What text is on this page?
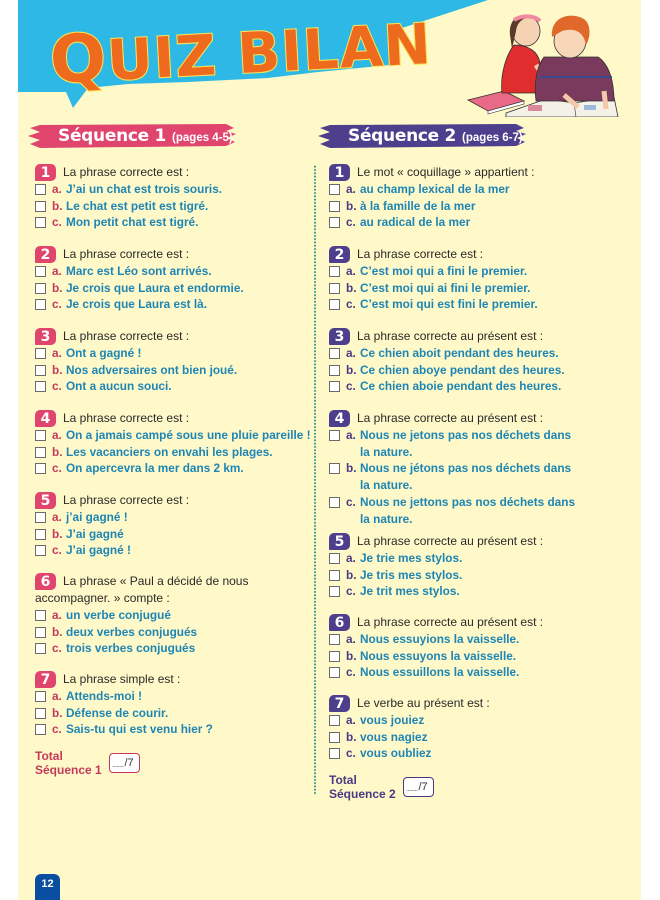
QUIZ BILAN
Séquence 1 (pages 4-5)	Séquence 2 (pages 6-7)
1	La phrase correcte est :
a. J’ai un chat est trois souris.
b. Le chat est petit est tigré.
c. Mon petit chat est tigré.
2	La phrase correcte est :
a. Marc est Léo sont arrivés.
b. Je crois que Laura et endormie.
c. Je crois que Laura est là.
3	La phrase correcte est :
a. Ont a gagné !
b. Nos adversaires ont bien joué.
c. Ont a aucun souci.
4	La phrase correcte est :
a. On a jamais campé sous une pluie pareille !
b. Les vacanciers on envahi les plages.
c. On apercevra la mer dans 2 km.
5	La phrase correcte est :
a. j’ai gagné !
b. J’ai gagné
c. J’ai gagné !
6	La phrase « Paul a décidé de nous
accompagner. » compte :
a. un verbe conjugué
b. deux verbes conjugués
c. trois verbes conjugués
7	La phrase simple est :
a. Attends-moi !
b. Défense de courir.
c. Sais-tu qui est venu hier ?
Total Séquence 1 ........ /7
1	Le mot « coquillage » appartient :
a. au champ lexical de la mer
b. à la famille de la mer
c. au radical de la mer
2	La phrase correcte est :
a. C’est moi qui a fini le premier.
b. C’est moi qui ai fini le premier.
c. C’est moi qui est fini le premier.
3	La phrase correcte au présent est :
a. Ce chien aboit pendant des heures.
b. Ce chien aboye pendant des heures.
c. Ce chien aboie pendant des heures.
4	La phrase correcte au présent est :
a. Nous ne jetons pas nos déchets dans
la nature.
b. Nous ne jétons pas nos déchets dans
la nature.
c. Nous ne jettons pas nos déchets dans
la nature.
5	La phrase correcte au présent est :
a. Je trie mes stylos.
b. Je tris mes stylos.
c. Je trit mes stylos.
6	La phrase correcte au présent est :
a. Nous essuyions la vaisselle.
b. Nous essuyons la vaisselle.
c. Nous essuillons la vaisselle.
7	Le verbe au présent est :
a. vous jouiez
b. vous nagiez
c. vous oubliez
Total Séquence 2 ........ /7
12
